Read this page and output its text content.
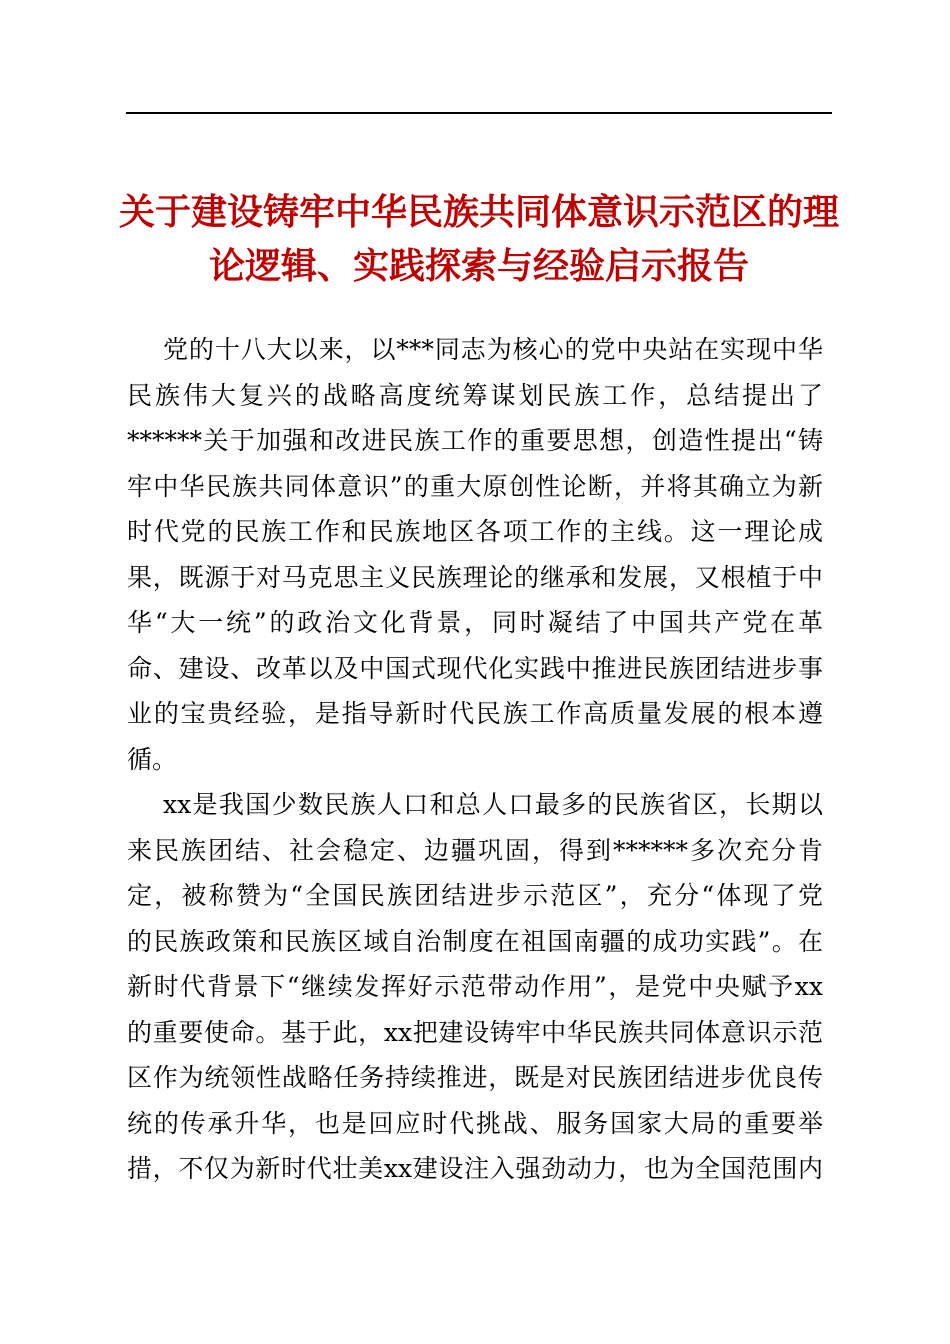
关于建设铸牢中华民族共同体意识示范区的理
论逻辑、实践探索与经验启示报告
党的十八大以来，以***同志为核心的党中央站在实现中华
民族伟大复兴的战略高度统筹谋划民族工作，总结提出了
******关于加强和改进民族工作的重要思想，创造性提出“铸
牢中华民族共同体意识”的重大原创性论断，并将其确立为新
时代党的民族工作和民族地区各项工作的主线。这一理论成
果，既源于对马克思主义民族理论的继承和发展，又根植于中
华“大一统”的政治文化背景，同时凝结了中国共产党在革
命、建设、改革以及中国式现代化实践中推进民族团结进步事
业的宝贵经验，是指导新时代民族工作高质量发展的根本遵
循。
xx是我国少数民族人口和总人口最多的民族省区，长期以
来民族团结、社会稳定、边疆巩固，得到******多次充分肯
定，被称赞为“全国民族团结进步示范区”，充分“体现了党
的民族政策和民族区域自治制度在祖国南疆的成功实践”。在
新时代背景下“继续发挥好示范带动作用”，是党中央赋予xx
的重要使命。基于此，xx把建设铸牢中华民族共同体意识示范
区作为统领性战略任务持续推进，既是对民族团结进步优良传
统的传承升华，也是回应时代挑战、服务国家大局的重要举
措，不仅为新时代壮美xx建设注入强劲动力，也为全国范围内
